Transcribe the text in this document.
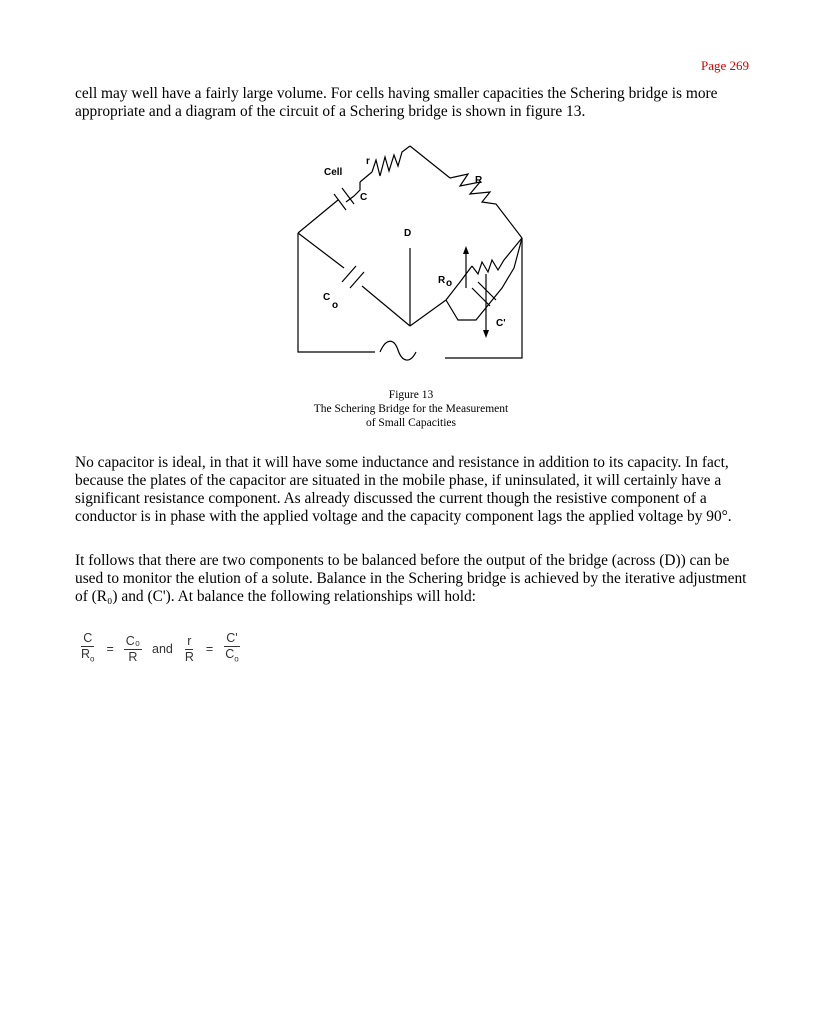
Page 269

cell may well have a fairly large volume. For cells having smaller capacities the Schering bridge is more appropriate and a diagram of the circuit of a Schering bridge is shown in figure 13.

Cell
r
C
R
D
R o
C
o
C'
Figure 13
The Schering Bridge for the Measurement
of Small Capacities

No capacitor is ideal, in that it will have some inductance and resistance in addition to its capacity. In fact, because the plates of the capacitor are situated in the mobile phase, if uninsulated, it will certainly have a significant resistance component. As already discussed the current though the resistive component of a conductor is in phase with the applied voltage and the capacity component lags the applied voltage by 90°.

It follows that there are two components to be balanced before the output of the bridge (across (D)) can be used to monitor the elution of a solute. Balance in the Schering bridge is achieved by the iterative adjustment of (R₀) and (C'). At balance the following relationships will hold:

$\frac{C}{R_o} = \frac{\text{C₀}}{R}$ and $\frac{r}{R} = \frac{C'}{C_o}$
